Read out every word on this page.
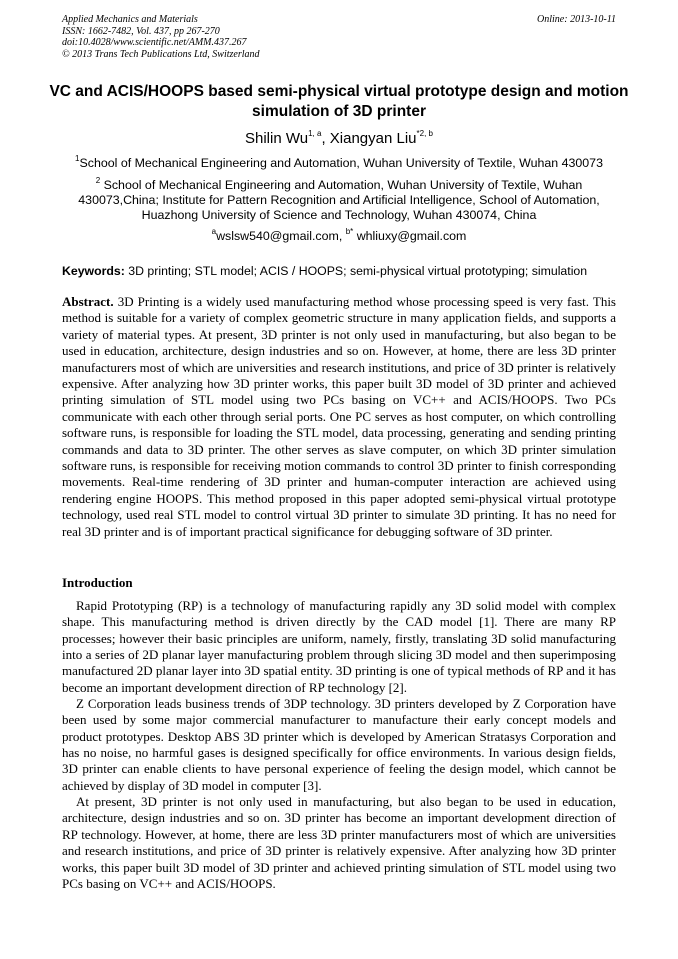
Applied Mechanics and Materials
ISSN: 1662-7482, Vol. 437, pp 267-270
doi:10.4028/www.scientific.net/AMM.437.267
© 2013 Trans Tech Publications Ltd, Switzerland
Online: 2013-10-11
VC and ACIS/HOOPS based semi-physical virtual prototype design and motion simulation of 3D printer
Shilin Wu$^{1, a}$, Xiangyan Liu$^{*2, b}$
$^1$School of Mechanical Engineering and Automation, Wuhan University of Textile, Wuhan 430073
$^2$ School of Mechanical Engineering and Automation, Wuhan University of Textile, Wuhan 430073,China; Institute for Pattern Recognition and Artificial Intelligence, School of Automation, Huazhong University of Science and Technology, Wuhan 430074, China
$^a$wslsw540@gmail.com, $^{b*}$ whliuxy@gmail.com
Keywords: 3D printing; STL model; ACIS / HOOPS; semi-physical virtual prototyping; simulation
Abstract. 3D Printing is a widely used manufacturing method whose processing speed is very fast. This method is suitable for a variety of complex geometric structure in many application fields, and supports a variety of material types. At present, 3D printer is not only used in manufacturing, but also began to be used in education, architecture, design industries and so on. However, at home, there are less 3D printer manufacturers most of which are universities and research institutions, and price of 3D printer is relatively expensive. After analyzing how 3D printer works, this paper built 3D model of 3D printer and achieved printing simulation of STL model using two PCs basing on VC++ and ACIS/HOOPS. Two PCs communicate with each other through serial ports. One PC serves as host computer, on which controlling software runs, is responsible for loading the STL model, data processing, generating and sending printing commands and data to 3D printer. The other serves as slave computer, on which 3D printer simulation software runs, is responsible for receiving motion commands to control 3D printer to finish corresponding movements. Real-time rendering of 3D printer and human-computer interaction are achieved using rendering engine HOOPS. This method proposed in this paper adopted semi-physical virtual prototype technology, used real STL model to control virtual 3D printer to simulate 3D printing. It has no need for real 3D printer and is of important practical significance for debugging software of 3D printer.
Introduction

Rapid Prototyping (RP) is a technology of manufacturing rapidly any 3D solid model with complex shape. This manufacturing method is driven directly by the CAD model [1]. There are many RP processes; however their basic principles are uniform, namely, firstly, translating 3D solid manufacturing into a series of 2D planar layer manufacturing problem through slicing 3D model and then superimposing manufactured 2D planar layer into 3D spatial entity. 3D printing is one of typical methods of RP and it has become an important development direction of RP technology [2].

Z Corporation leads business trends of 3DP technology. 3D printers developed by Z Corporation have been used by some major commercial manufacturer to manufacture their early concept models and product prototypes. Desktop ABS 3D printer which is developed by American Stratasys Corporation and has no noise, no harmful gases is designed specifically for office environments. In various design fields, 3D printer can enable clients to have personal experience of feeling the design model, which cannot be achieved by display of 3D model in computer [3].

At present, 3D printer is not only used in manufacturing, but also began to be used in education, architecture, design industries and so on. 3D printer has become an important development direction of RP technology. However, at home, there are less 3D printer manufacturers most of which are universities and research institutions, and price of 3D printer is relatively expensive. After analyzing how 3D printer works, this paper built 3D model of 3D printer and achieved printing simulation of STL model using two PCs basing on VC++ and ACIS/HOOPS.
